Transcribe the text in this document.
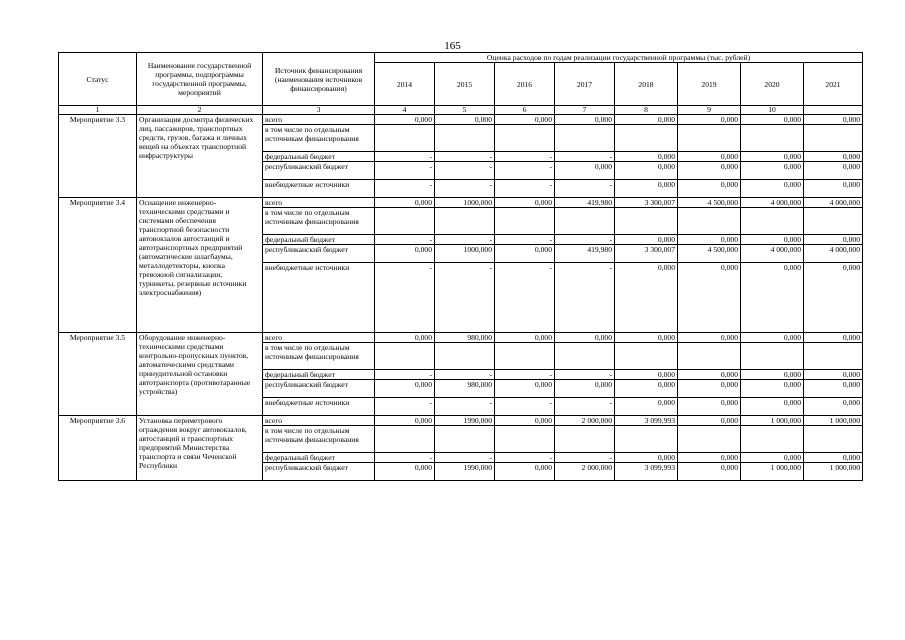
165
Статус	Наименование государственной программы, подпрограммы государственной программы, мероприятий	Источник финансирования (наименования источников финансирования)	Оценка расходов по годам реализации государственной программы (тыс. рублей)							
			2014	2015	2016	2017	2018	2019	2020	2021
1	2	3	4	5	6	7	8	9	10	
Мероприятие 3.3	Организация досмотра физических лиц, пассажиров, транспортных средств, грузов, багажа и личных вещей на объектах транспортной инфраструктуры	всего	0,000	0,000	0,000	0,000	0,000	0,000	0,000	0,000
		в том числе по отдельным источникам финансирования								
		федеральный бюджет	-	-	-	-	0,000	0,000	0,000	0,000
		республиканский бюджет	-	-	-	0,000	0,000	0,000	0,000	0,000
		внебюджетные источники	-	-	-	-	0,000	0,000	0,000	0,000
Мероприятие 3.4	Оснащение инженерно-техническими средствами и системами обеспечения транспортной безопасности автовокзалов автостанций и автотранспортных предприятий (автоматические шлагбаумы, металлодетекторы, кнопка тревожной сигнализации, турникеты, резервные источники электроснабжения)	всего	0,000	1000,000	0,000	419,980	3 300,007	4 500,000	4 000,000	4 000,000
		в том числе по отдельным источникам финансирования								
		федеральный бюджет	-	-	-	-	0,000	0,000	0,000	0,000
		республиканский бюджет	0,000	1000,000	0,000	419,980	3 300,007	4 500,000	4 000,000	4 000,000
		внебюджетные источники	-	-	-	-	0,000	0,000	0,000	0,000
Мероприятие 3.5	Оборудование инженерно-техническими средствами контрольно-пропускных пунктов, автоматическими средствами принудительной остановки автотранспорта (противотаранные устройства)	всего	0,000	980,000	0,000	0,000	0,000	0,000	0,000	0,000
		в том числе по отдельным источникам финансирования								
		федеральный бюджет	-	-	-	-	0,000	0,000	0,000	0,000
		республиканский бюджет	0,000	980,000	0,000	0,000	0,000	0,000	0,000	0,000
		внебюджетные источники	-	-	-	-	0,000	0,000	0,000	0,000
Мероприятие 3.6	Установка периметрового ограждения вокруг автовокзалов, автостанций и транспортных предприятий Министерства транспорта и связи Чеченской Республики	всего	0,000	1990,000	0,000	2 000,000	3 099,993	0,000	1 000,000	1 000,000
		в том числе по отдельным источникам финансирования								
		федеральный бюджет	-	-	-	-	0,000	0,000	0,000	0,000
		республиканский бюджет	0,000	1990,000	0,000	2 000,000	3 099,993	0,000	1 000,000	1 000,000
